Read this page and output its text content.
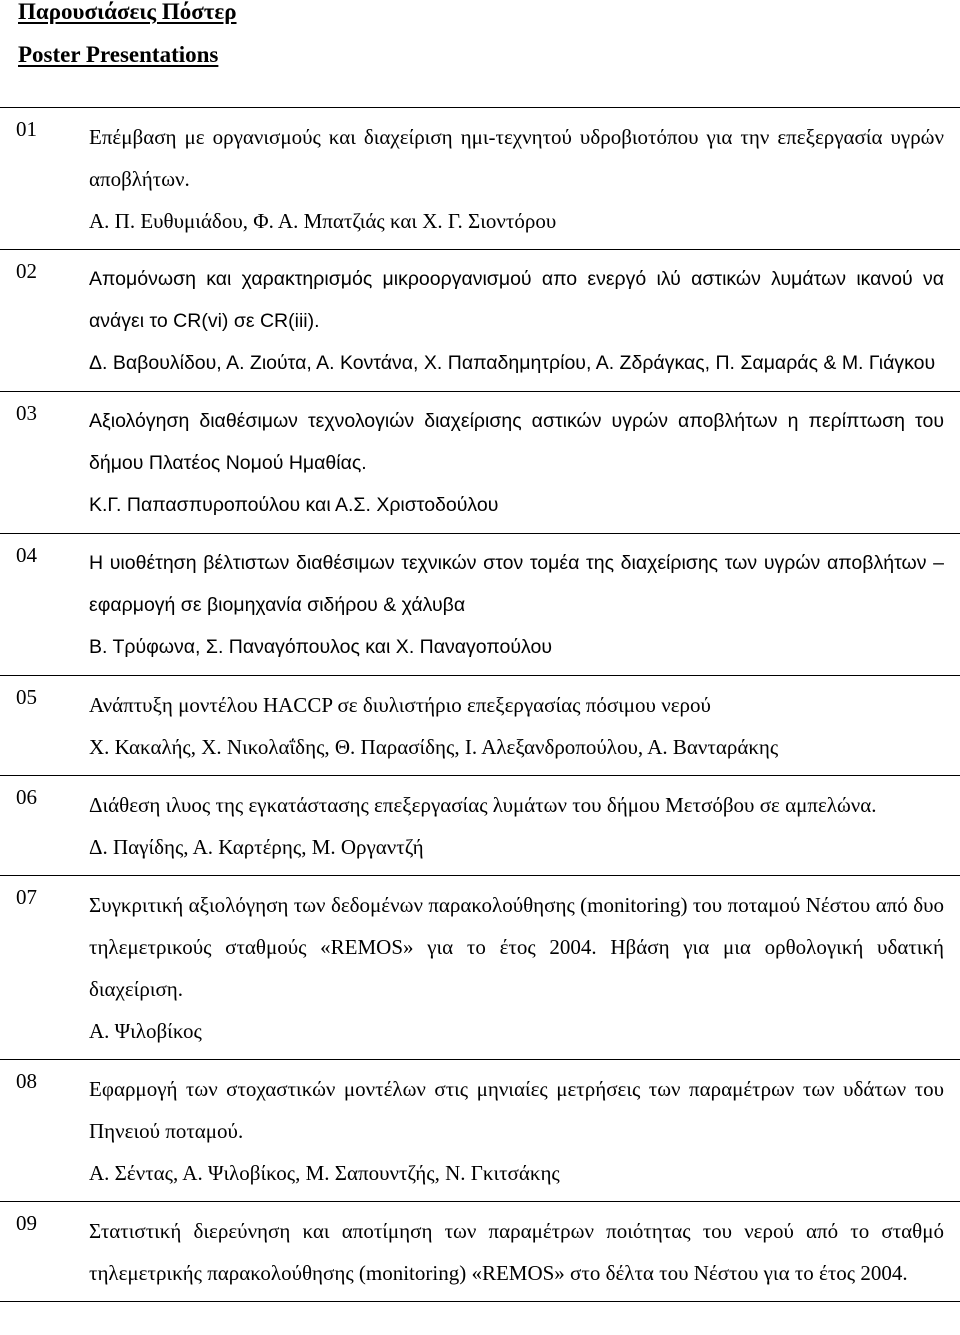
Παρουσιάσεις Πόστερ
Poster Presentations
01 Επέμβαση με οργανισμούς και διαχείριση ημι-τεχνητού υδροβιοτόπου για την επεξεργασία υγρών αποβλήτων.
Α. Π. Ευθυμιάδου, Φ. Α. Μπατζιάς και Χ. Γ. Σιοντόρου
02	Απομόνωση και χαρακτηρισμός μικροοργανισμού απο ενεργό ιλύ αστικών λυμάτων ικανού να ανάγει το CR(vi) σε CR(iii).
Δ. Βαβουλίδου, Α. Ζιούτα, Α. Κοντάνα, Χ. Παπαδημητρίου, Α. Ζδράγκας, Π. Σαμαράς & Μ. Γιάγκου
03	Αξιολόγηση διαθέσιμων τεχνολογιών διαχείρισης αστικών υγρών αποβλήτων η περίπτωση του δήμου Πλατέος Νομού Ημαθίας.
Κ.Γ. Παπασπυροπούλου και Α.Σ. Χριστοδούλου
04	Η υιοθέτηση βέλτιστων διαθέσιμων τεχνικών στον τομέα της διαχείρισης των υγρών αποβλήτων – εφαρμογή σε βιομηχανία σιδήρου & χάλυβα
Β. Τρύφωνα, Σ. Παναγόπουλος και Χ. Παναγοπούλου
05 Ανάπτυξη μοντέλου HACCP σε διυλιστήριο επεξεργασίας πόσιμου νερού
Χ. Κακαλής, Χ. Νικολαΐδης, Θ. Παρασίδης, Ι. Αλεξανδροπούλου, Α. Βανταράκης
06 Διάθεση ιλυος της εγκατάστασης επεξεργασίας λυμάτων του δήμου Μετσόβου σε αμπελώνα.
Δ. Παγίδης, Α. Καρτέρης, Μ. Οργαντζή
07 Συγκριτική αξιολόγηση των δεδομένων παρακολούθησης (monitoring) του ποταμού Νέστου από δυο τηλεμετρικούς σταθμούς «REMOS» για το έτος 2004. Ηβάση για μια ορθολογική υδατική διαχείριση.
Α. Ψιλοβίκος
08 Εφαρμογή των στοχαστικών μοντέλων στις μηνιαίες μετρήσεις των παραμέτρων των υδάτων του Πηνειού ποταμού.
Α. Σέντας, Α. Ψιλοβίκος, Μ. Σαπουντζής, Ν. Γκιτσάκης
09 Στατιστική διερεύνηση και αποτίμηση των παραμέτρων ποιότητας του νερού από το σταθμό τηλεμετρικής παρακολούθησης (monitoring) «REMOS» στο δέλτα του Νέστου για το έτος 2004.
